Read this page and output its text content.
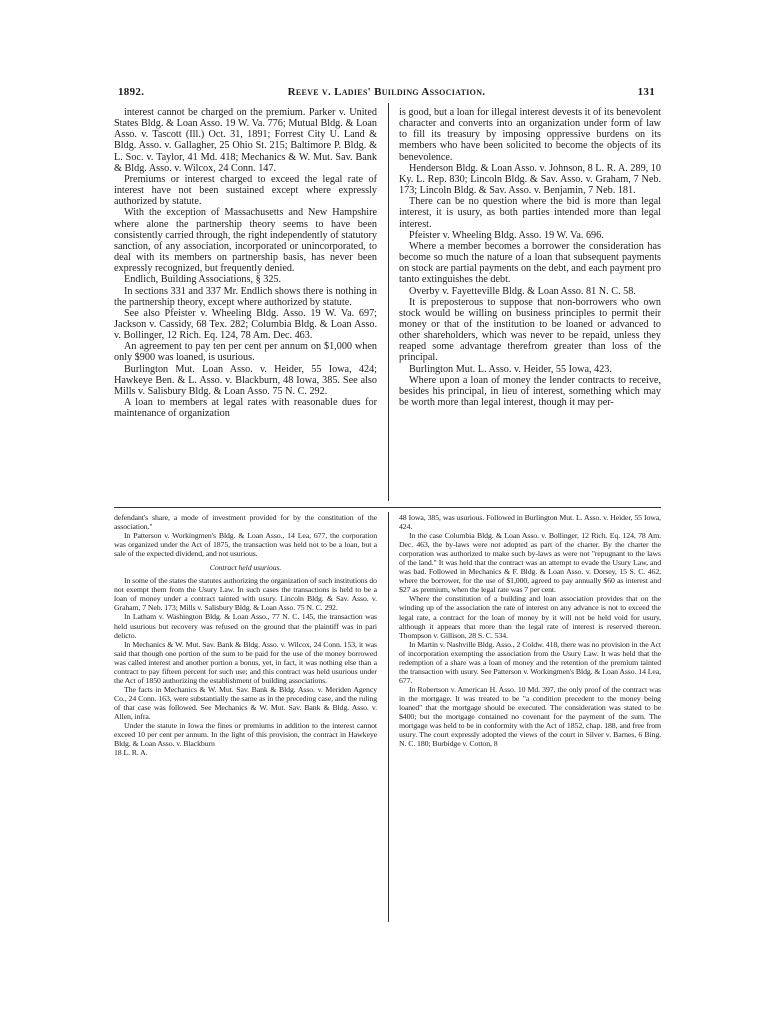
1892.	Reeve v. Ladies' Building Association.	131

interest cannot be charged on the premium. Parker v. United States Bldg. & Loan Asso. 19 W. Va. 776; Mutual Bldg. & Loan Asso. v. Tascott (Ill.) Oct. 31, 1891; Forrest City U. Land & Bldg. Asso. v. Gallagher, 25 Ohio St. 215; Baltimore P. Bldg. & L. Soc. v. Taylor, 41 Md. 418; Mechanics & W. Mut. Sav. Bank & Bldg. Asso. v. Wilcox, 24 Conn. 147.

Premiums or interest charged to exceed the legal rate of interest have not been sustained except where expressly authorized by statute.

With the exception of Massachusetts and New Hampshire where alone the partnership theory seems to have been consistently carried through, the right independently of statutory sanction, of any association, incorporated or unincorporated, to deal with its members on partnership basis, has never been expressly recognized, but frequently denied.

Endlich, Building Associations, § 325.

In sections 331 and 337 Mr. Endlich shows there is nothing in the partnership theory, except where authorized by statute.

See also Pfeister v. Wheeling Bldg. Asso. 19 W. Va. 697; Jackson v. Cassidy, 68 Tex. 282; Columbia Bldg. & Loan Asso. v. Bollinger, 12 Rich. Eq. 124, 78 Am. Dec. 463.

An agreement to pay ten per cent per annum on $1,000 when only $900 was loaned, is usurious.

Burlington Mut. Loan Asso. v. Heider, 55 Iowa, 424; Hawkeye Ben. & L. Asso. v. Blackburn, 48 Iowa, 385. See also Mills v. Salisbury Bldg. & Loan Asso. 75 N. C. 292.

A loan to members at legal rates with reasonable dues for maintenance of organization

is good, but a loan for illegal interest devests it of its benevolent character and converts into an organization under form of law to fill its treasury by imposing oppressive burdens on its members who have been solicited to become the objects of its benevolence.

Henderson Bldg. & Loan Asso. v. Johnson, 8 L. R. A. 289, 10 Ky. L. Rep. 830; Lincoln Bldg. & Sav. Asso. v. Graham, 7 Neb. 173; Lincoln Bldg. & Sav. Asso. v. Benjamin, 7 Neb. 181.

There can be no question where the bid is more than legal interest, it is usury, as both parties intended more than legal interest.

Pfeister v. Wheeling Bldg. Asso. 19 W. Va. 696.

Where a member becomes a borrower the consideration has become so much the nature of a loan that subsequent payments on stock are partial payments on the debt, and each payment pro tanto extinguishes the debt.

Overby v. Fayetteville Bldg. & Loan Asso. 81 N. C. 58.

It is preposterous to suppose that non-borrowers who own stock would be willing on business principles to permit their money or that of the institution to be loaned or advanced to other shareholders, which was never to be repaid, unless they reaped some advantage therefrom greater than loss of the principal.

Burlington Mut. L. Asso. v. Heider, 55 Iowa, 423.

Where upon a loan of money the lender contracts to receive, besides his principal, in lieu of interest, something which may be worth more than legal interest, though it may per-

defendant's share, a mode of investment provided for by the constitution of the association."

In Patterson v. Workingmen's Bldg. & Loan Asso., 14 Lea, 677, the corporation was organized under the Act of 1875, the transaction was held not to be a loan, but a sale of the expected dividend, and not usurious.

Contract held usurious.

In some of the states the statutes authorizing the organization of such institutions do not exempt them from the Usury Law. In such cases the transactions is held to be a loan of money under a contract tainted with usury. Lincoln Bldg. & Sav. Asso. v. Graham, 7 Neb. 173; Mills v. Salisbury Bldg. & Loan Asso. 75 N. C. 292.

In Latham v. Washington Bldg. & Loan Asso., 77 N. C. 145, the transaction was held usurious but recovery was refused on the ground that the plaintiff was in pari delicto.

In Mechanics & W. Mut. Sav. Bank & Bldg. Asso. v. Wilcox, 24 Conn. 153, it was said that though one portion of the sum to be paid for the use of the money borrowed was called interest and another portion a bonus, yet, in fact, it was nothing else than a contract to pay fifteen percent for such use; and this contract was held usurious under the Act of 1850 authorizing the establishment of building associations.

The facts in Mechanics & W. Mut. Sav. Bank & Bldg. Asso. v. Meriden Agency Co., 24 Conn. 163, were substantially the same as in the preceding case, and the ruling of that case was followed. See Mechanics & W. Mut. Sav. Bank & Bldg. Asso. v. Allen, infra.

Under the statute in Iowa the fines or premiums in addition to the interest cannot exceed 10 per cent per annum. In the light of this provision, the contract in Hawkeye Bldg. & Loan Asso. v. Blackburn

18 L. R. A.

48 Iowa, 385, was usurious. Followed in Burlington Mut. L. Asso. v. Heider, 55 Iowa, 424.

In the case Columbia Bldg. & Loan Asso. v. Bollinger, 12 Rich. Eq. 124, 78 Am. Dec. 463, the by-laws were not adopted as part of the charter. By the charter the corporation was authorized to make such by-laws as were not "repugnant to the laws of the land." It was held that the contract was an attempt to evade the Usury Law, and was bad. Followed in Mechanics & F. Bldg. & Loan Asso. v. Dorsey, 15 S. C. 462, where the borrower, for the use of $1,000, agreed to pay annually $60 as interest and $27 as premium, when the legal rate was 7 per cent.

Where the constitution of a building and loan association provides that on the winding up of the association the rate of interest on any advance is not to exceed the legal rate, a contract for the loan of money by it will not be held void for usury, although it appears that more than the legal rate of interest is reserved thereon. Thompson v. Gillison, 28 S. C. 534.

In Martin v. Nashville Bldg. Asso., 2 Coldw. 418, there was no provision in the Act of incorporation exempting the association from the Usury Law. It was held that the redemption of a share was a loan of money and the retention of the premium tainted the transaction with usury. See Patterson v. Workingmen's Bldg. & Loan Asso. 14 Lea, 677.

In Robertson v. American H. Asso. 10 Md. 397, the only proof of the contract was in the mortgage. It was treated to be "a condition precedent to the money being loaned" that the mortgage should be executed. The consideration was stated to be $400; but the mortgage contained no covenant for the payment of the sum. The mortgage was held to be in conformity with the Act of 1852, chap. 188, and free from usury. The court expressly adopted the views of the court in Silver v. Barnes, 6 Bing. N. C. 180; Burbidge v. Cotton, 8
